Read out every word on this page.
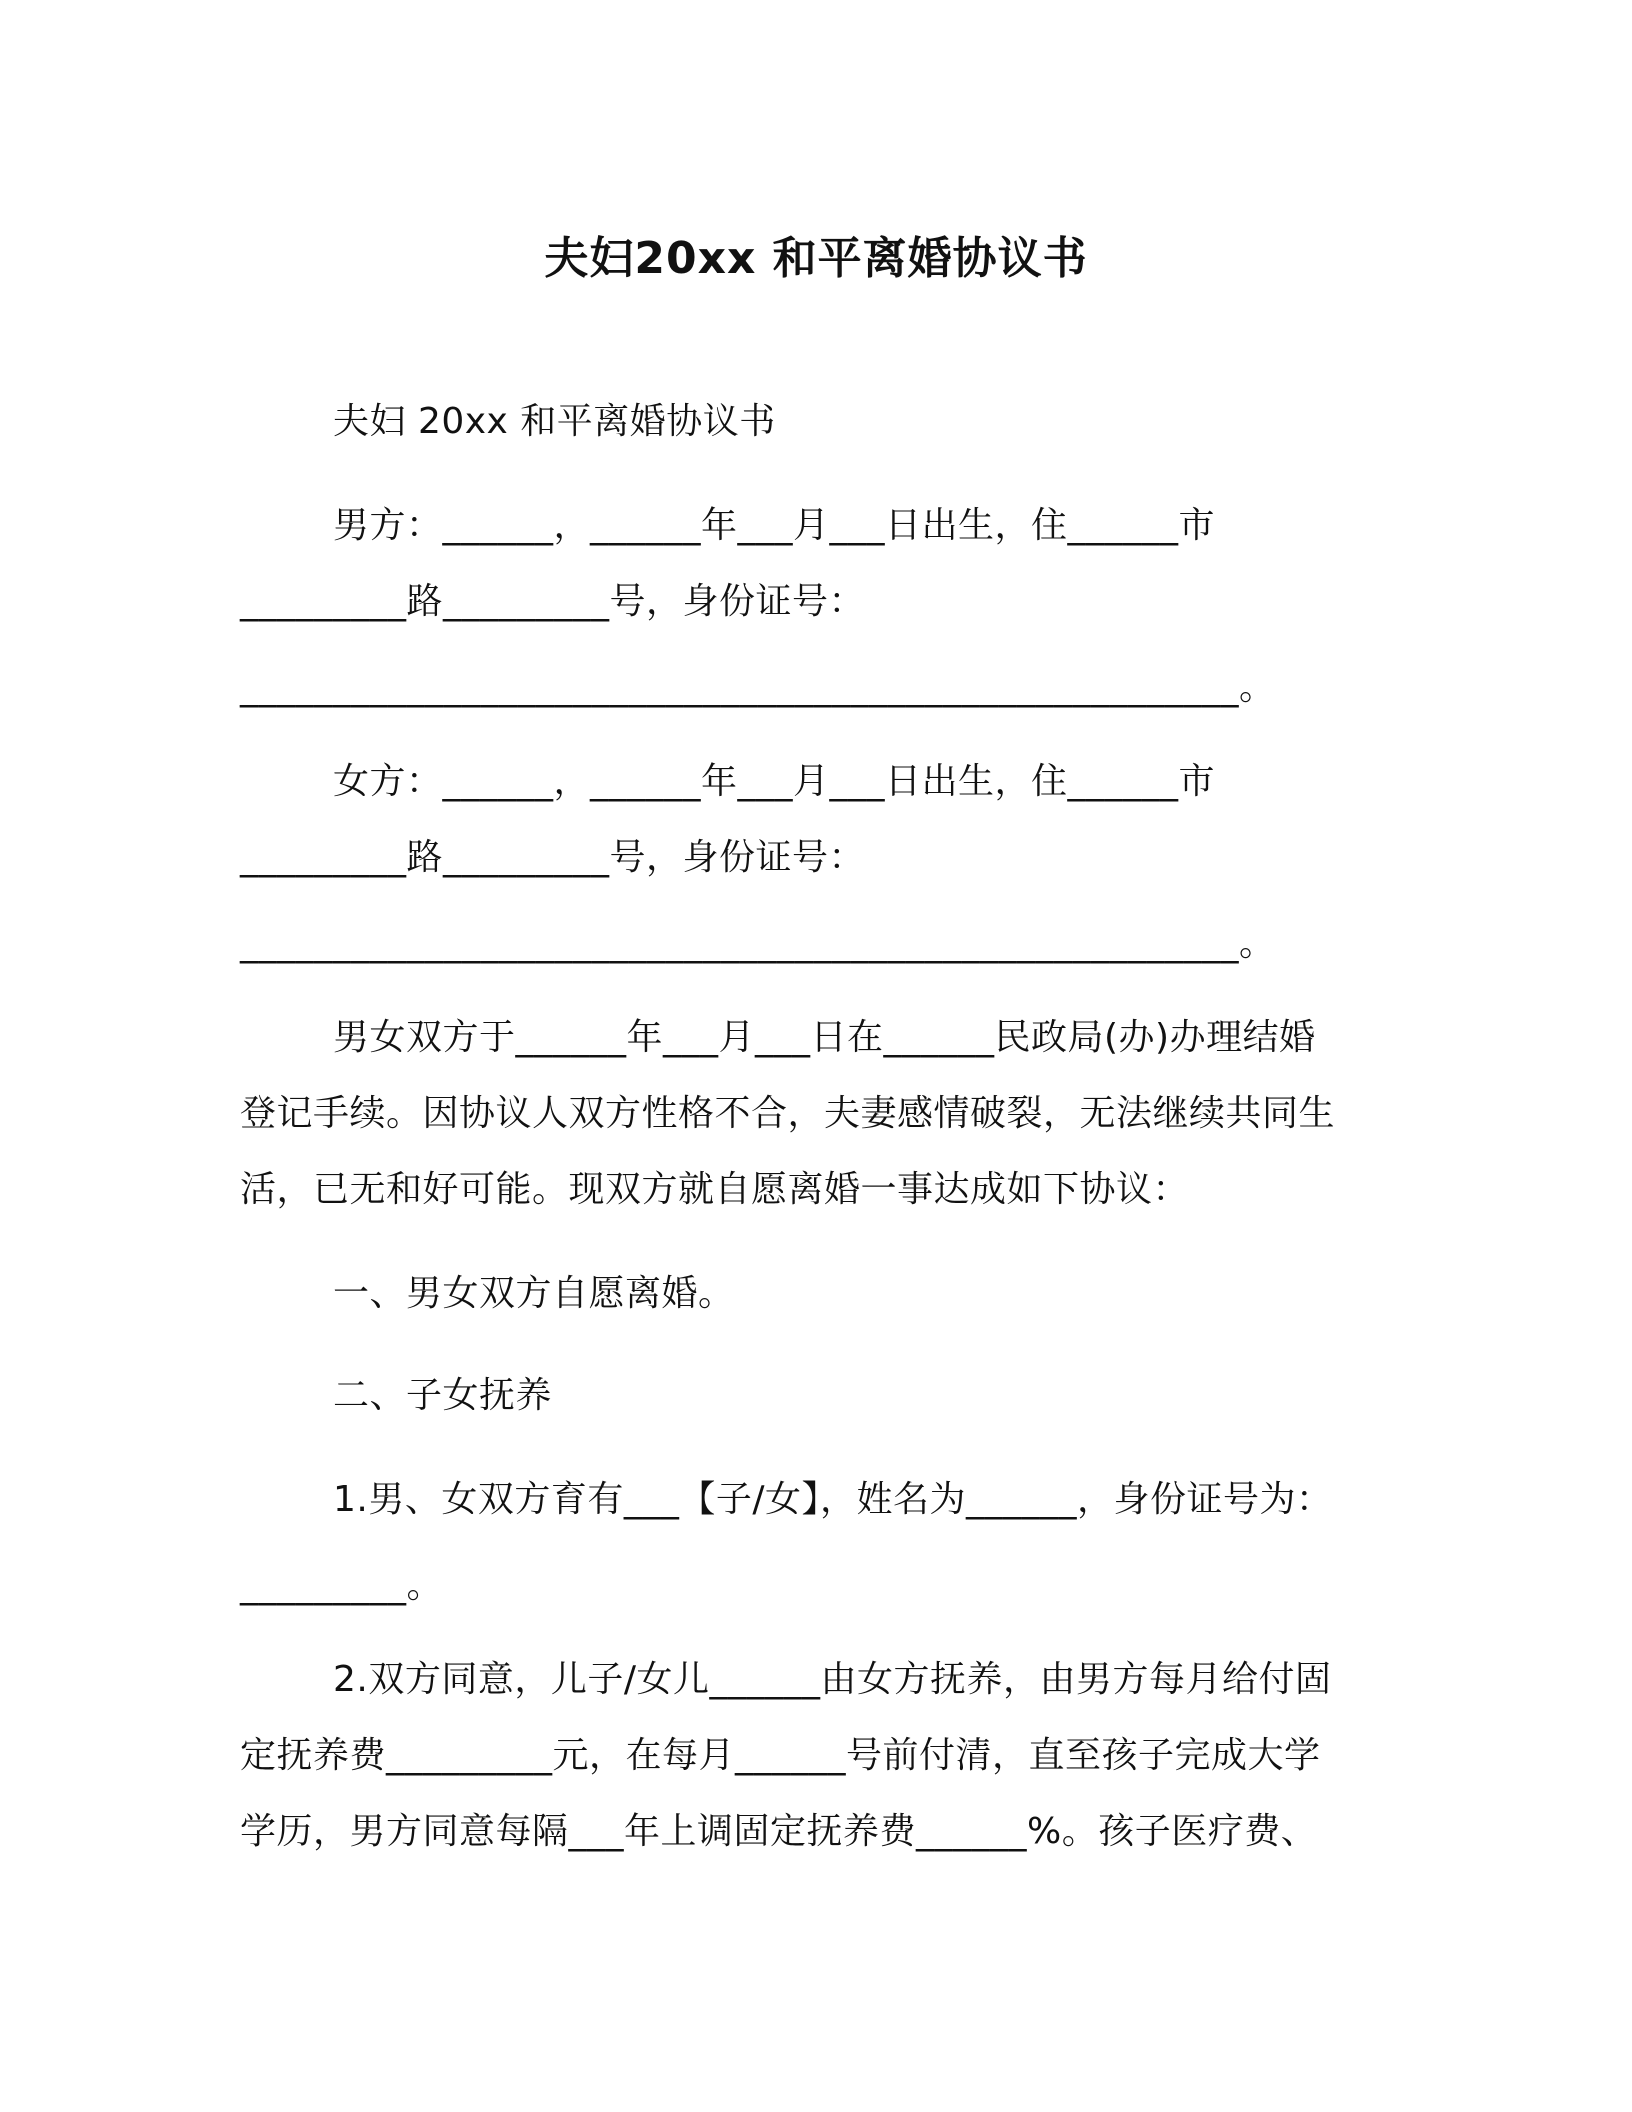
夫妇20xx 和平离婚协议书
夫妇 20xx 和平离婚协议书
男方：______，______年___月___日出生，住______市
_________路_________号，身份证号：
______________________________________________________。
女方：______，______年___月___日出生，住______市
_________路_________号，身份证号：
______________________________________________________。
男女双方于______年___月___日在______民政局(办)办理结婚
登记手续。因协议人双方性格不合，夫妻感情破裂，无法继续共同生
活，已无和好可能。现双方就自愿离婚一事达成如下协议：
一、男女双方自愿离婚。
二、子女抚养
1.男、女双方育有___【子/女】，姓名为______，身份证号为：
_________。
2.双方同意，儿子/女儿______由女方抚养，由男方每月给付固
定抚养费_________元，在每月______号前付清，直至孩子完成大学
学历，男方同意每隔___年上调固定抚养费______%。孩子医疗费、
